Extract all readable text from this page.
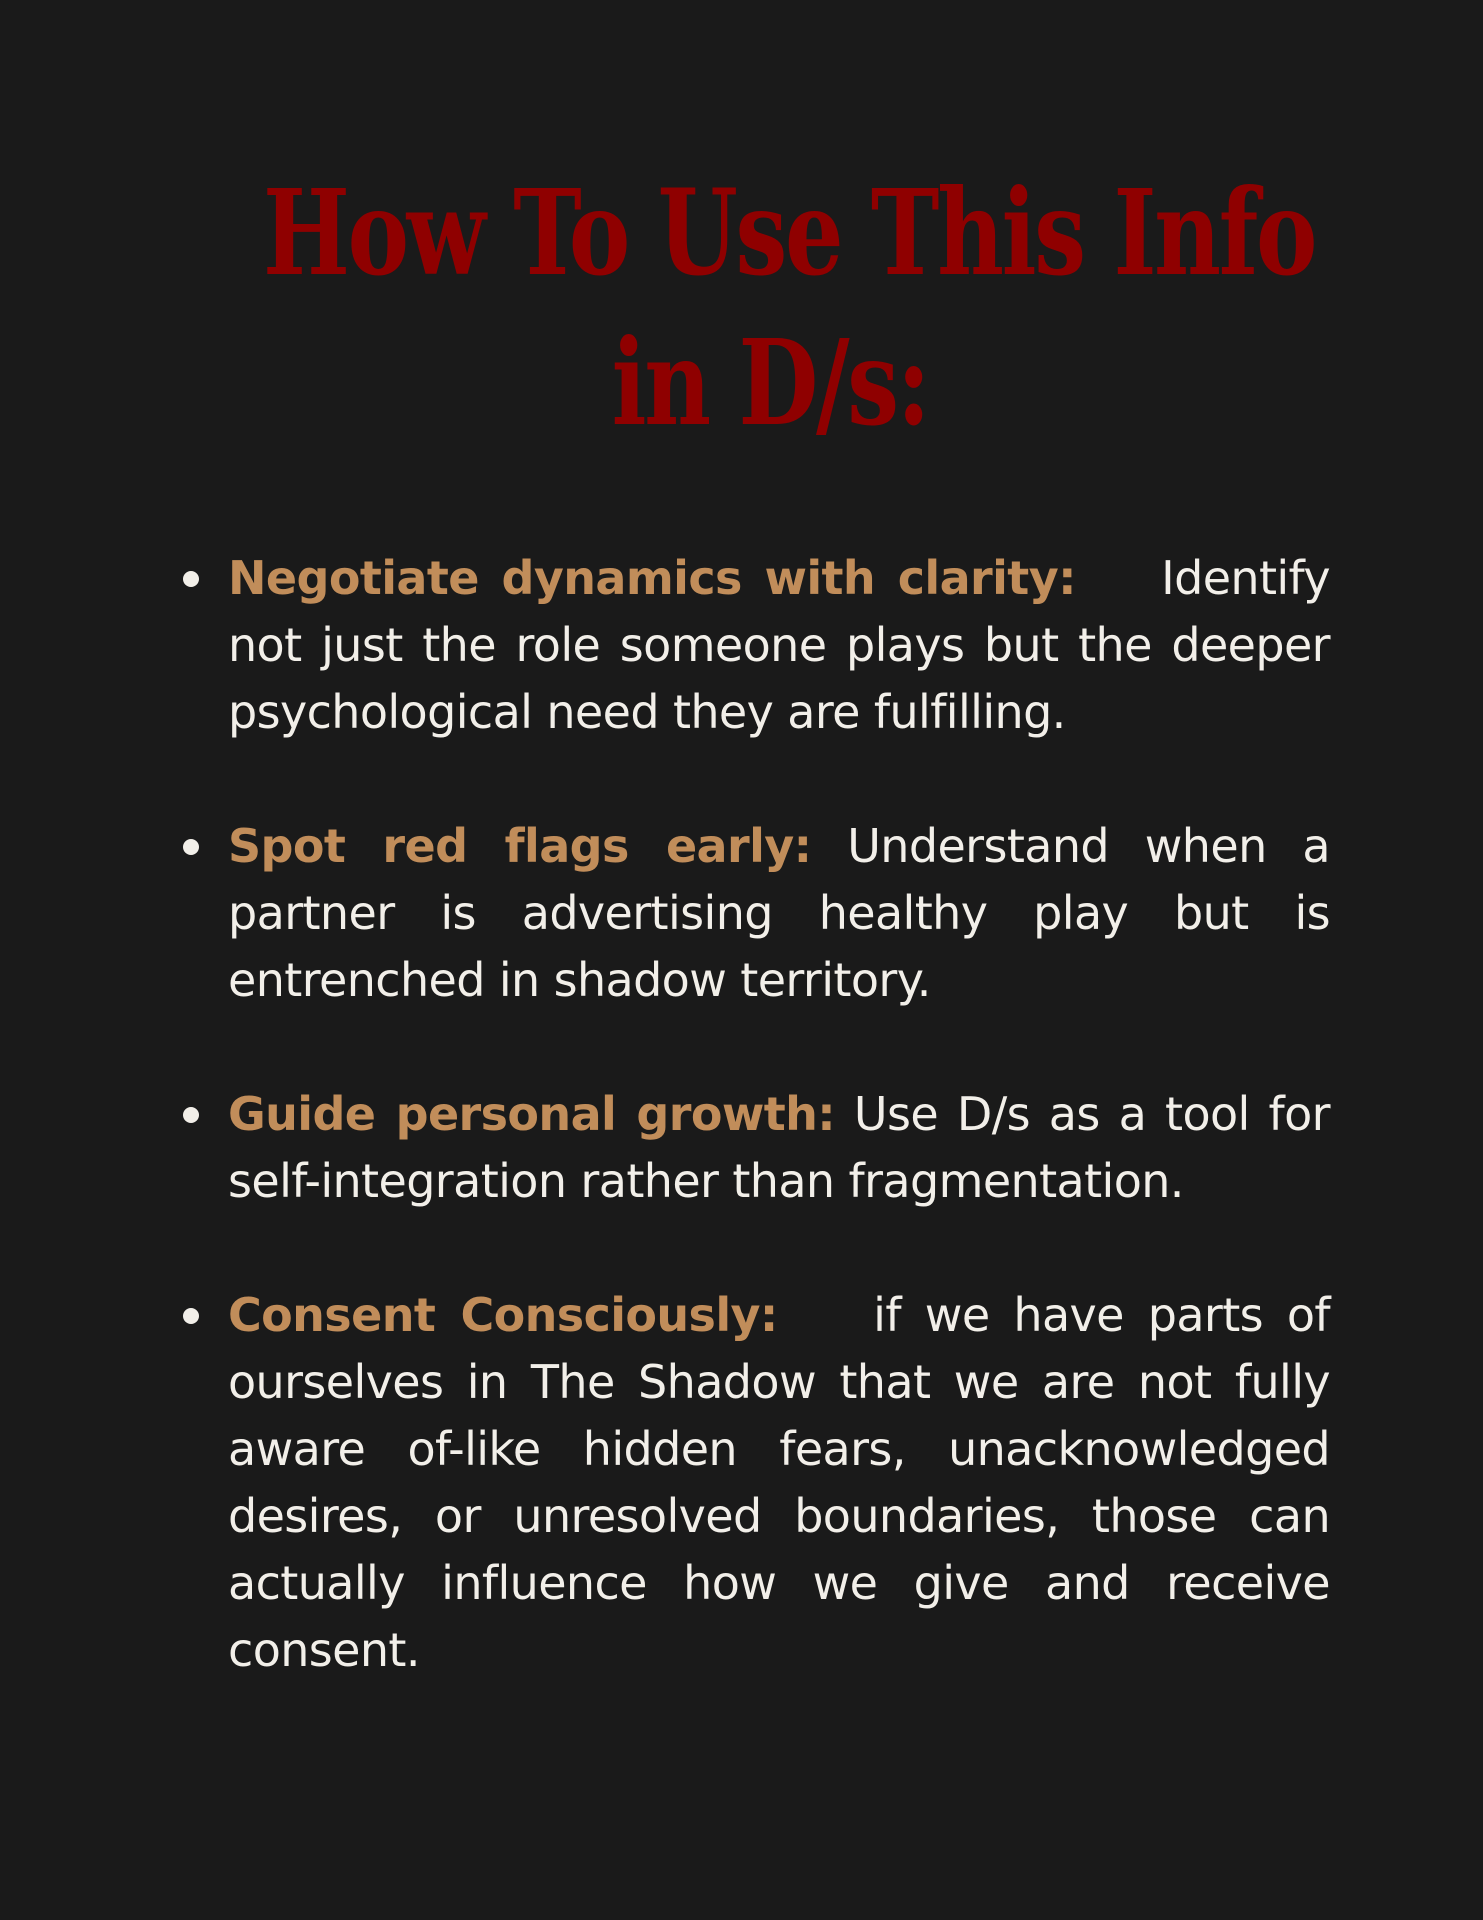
How To Use This Info
in D/s:
Negotiate dynamics with clarity: Identify not just the role someone plays but the deeper psychological need they are fulfilling.
Spot red flags early: Understand when a partner is advertising healthy play but is entrenched in shadow territory.
Guide personal growth: Use D/s as a tool for self-integration rather than fragmentation.
Consent Consciously: if we have parts of ourselves in The Shadow that we are not fully aware of-like hidden fears, unacknowledged desires, or unresolved boundaries, those can actually influence how we give and receive consent.
